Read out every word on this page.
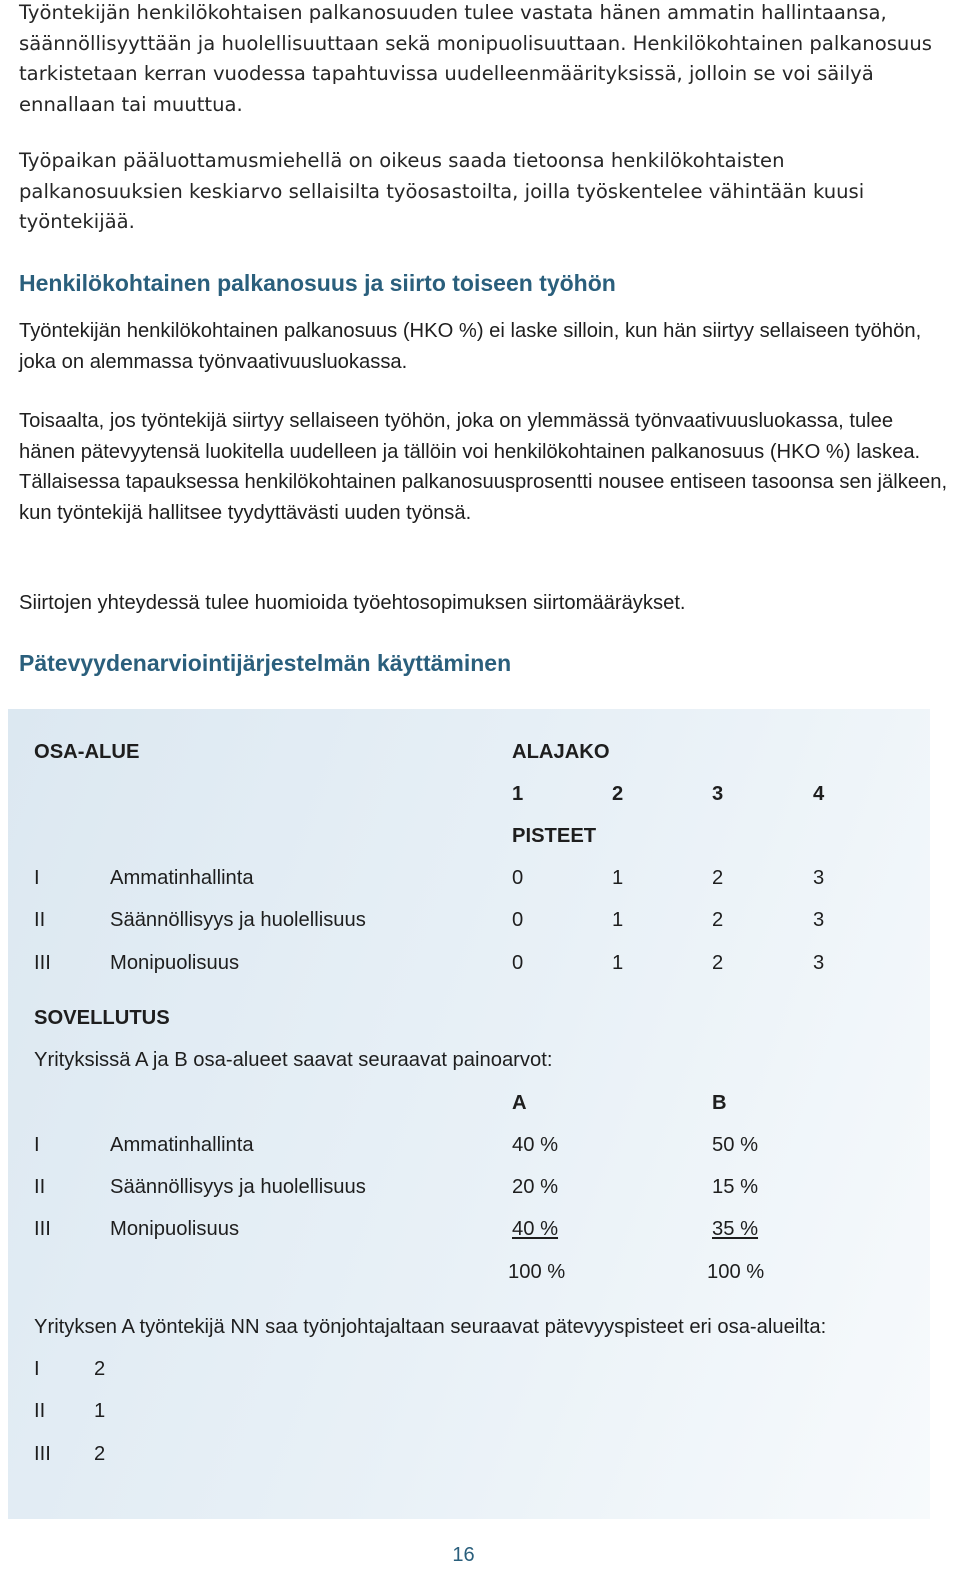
Työntekijän henkilökohtaisen palkanosuuden tulee vastata hänen ammatin hallintaansa, säännöllisyyttään ja huolellisuuttaan sekä monipuolisuuttaan. Henkilökohtainen palkanosuus tarkistetaan kerran vuodessa tapahtuvissa uudelleenmäärityksissä, jolloin se voi säilyä ennallaan tai muuttua.

Työpaikan pääluottamusmiehellä on oikeus saada tietoonsa henkilökohtaisten palkanosuuksien keskiarvo sellaisilta työosastoilta, joilla työskentelee vähintään kuusi työntekijää.

Henkilökohtainen palkanosuus ja siirto toiseen työhön

Työntekijän henkilökohtainen palkanosuus (HKO %) ei laske silloin, kun hän siirtyy sellaiseen työhön, joka on alemmassa työnvaativuusluokassa.

Toisaalta, jos työntekijä siirtyy sellaiseen työhön, joka on ylemmässä työnvaativuusluokassa, tulee hänen pätevyytensä luokitella uudelleen ja tällöin voi henkilökohtainen palkanosuus (HKO %) laskea. Tällaisessa tapauksessa henkilökohtainen palkanosuusprosentti nousee entiseen tasoonsa sen jälkeen, kun työntekijä hallitsee tyydyttävästi uuden työnsä.

Siirtojen yhteydessä tulee huomioida työehtosopimuksen siirtomääräykset.

Pätevyydenarviointijärjestelmän käyttäminen
OSA-ALUE	ALAJAKO
1	2	3	4
PISTEET
I	Ammatinhallinta	0	1	2	3
II	Säännöllisyys ja huolellisuus	0	1	2	3
III	Monipuolisuus	0	1	2	3
SOVELLUTUS
Yrityksissä A ja B osa-alueet saavat seuraavat painoarvot:
A	B
I	Ammatinhallinta	40 %	50 %
II	Säännöllisyys ja huolellisuus	20 %	15 %
III	Monipuolisuus	40 %	35 %
100 %	100 %
Yrityksen A työntekijä NN saa työnjohtajaltaan seuraavat pätevyyspisteet eri osa-alueilta:
I	2
II 1
III 2
16
